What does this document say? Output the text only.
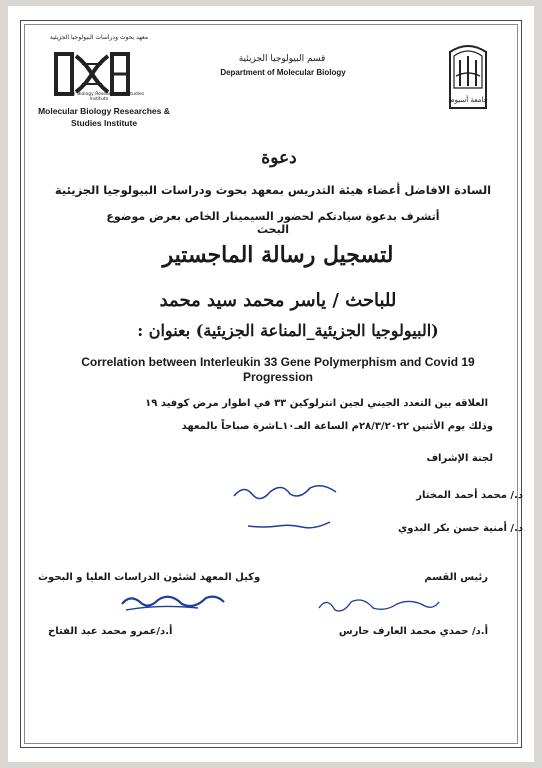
معهد بحوث ودراسات البيولوجيا الجزيئية
Molecular Biology Researches & Studies Institute
Molecular Biology Researches & Studies Institute
قسم البيولوجيا الجزيئية
Department of Molecular Biology
جامعة أسيوط
دعوة
السادة الافاضل أعضاء هيئة التدريس بمعهد بحوث ودراسات البيولوجيا الجزيئية
أتشرف بدعوة سيادتكم لحضور السيمينار الخاص بعرض موضوع البحث
لتسجيل رسالة الماجستير
للباحث / ياسر محمد سيد محمد
(البيولوجيا الجزيئية_المناعة الجزيئية) بعنوان :
Correlation between Interleukin 33 Gene Polymerphism and Covid 19 Progression
العلاقه بين التعدد الجيني لجين انترلوكين ٣٣ في اطوار مرض كوفيد ١٩
وذلك يوم الأثنين ٢٨/٣/٢٠٢٢م الساعة العـ١٠ـاشرة صباحاً بالمعهد
لجنة الإشراف
د./ محمد أحمد المختار
د./ أمنية حسن بكر البدوي
رئيس القسم
وكيل المعهد لشئون الدراسات العليا و البحوث
أ.د/ حمدي محمد العارف حارس
أ.د/عمرو محمد عبد الفتاح
